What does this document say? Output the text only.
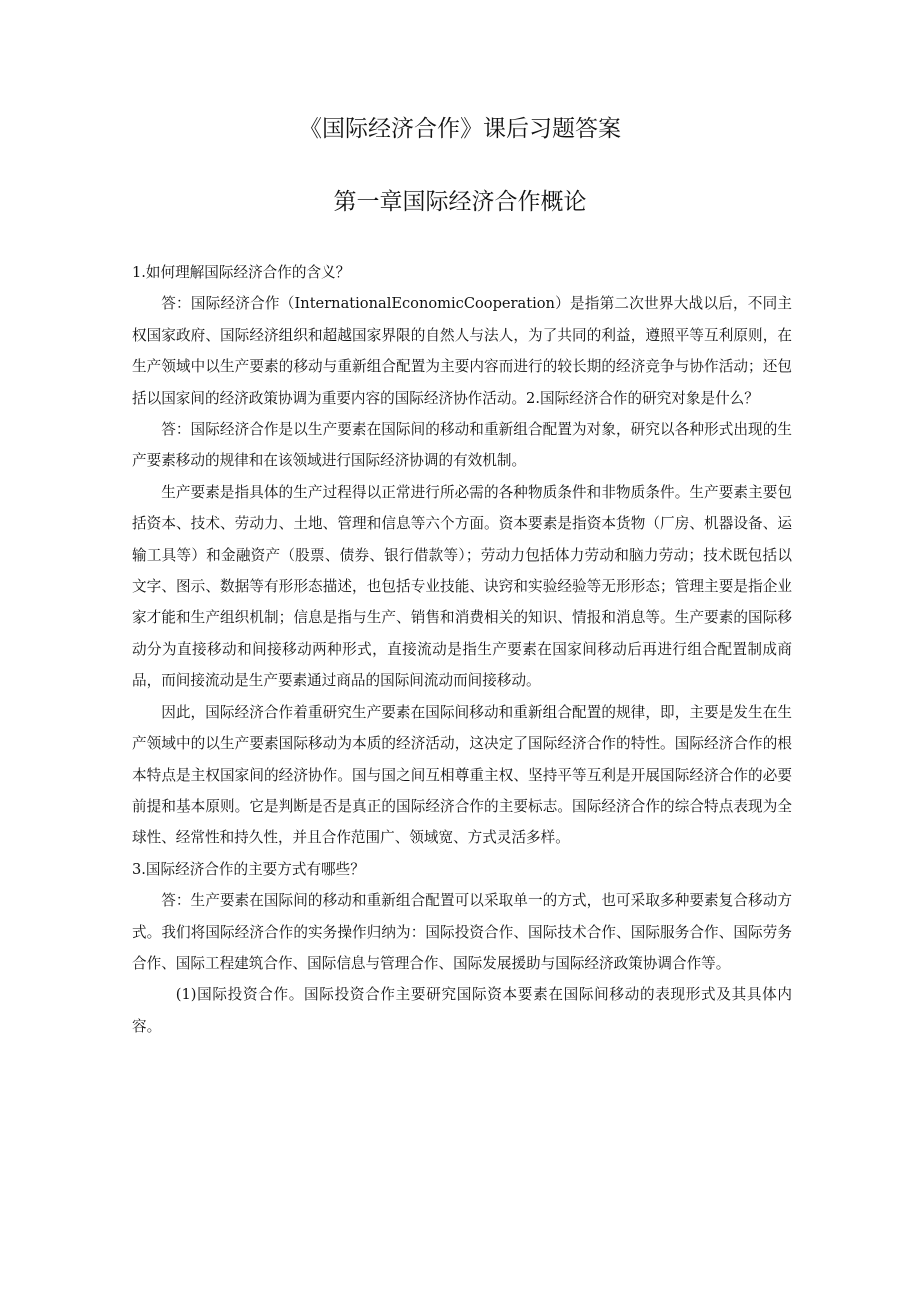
《国际经济合作》课后习题答案
第一章国际经济合作概论

1.如何理解国际经济合作的含义？

答：国际经济合作（InternationalEconomicCooperation）是指第二次世界大战以后，不同主权国家政府、国际经济组织和超越国家界限的自然人与法人，为了共同的利益，遵照平等互利原则，在生产领域中以生产要素的移动与重新组合配置为主要内容而进行的较长期的经济竞争与协作活动；还包括以国家间的经济政策协调为重要内容的国际经济协作活动。2.国际经济合作的研究对象是什么？

答：国际经济合作是以生产要素在国际间的移动和重新组合配置为对象，研究以各种形式出现的生产要素移动的规律和在该领域进行国际经济协调的有效机制。

生产要素是指具体的生产过程得以正常进行所必需的各种物质条件和非物质条件。生产要素主要包括资本、技术、劳动力、土地、管理和信息等六个方面。资本要素是指资本货物（厂房、机器设备、运输工具等）和金融资产（股票、债券、银行借款等）；劳动力包括体力劳动和脑力劳动；技术既包括以文字、图示、数据等有形形态描述，也包括专业技能、诀窍和实验经验等无形形态；管理主要是指企业家才能和生产组织机制；信息是指与生产、销售和消费相关的知识、情报和消息等。生产要素的国际移动分为直接移动和间接移动两种形式，直接流动是指生产要素在国家间移动后再进行组合配置制成商品，而间接流动是生产要素通过商品的国际间流动而间接移动。

因此，国际经济合作着重研究生产要素在国际间移动和重新组合配置的规律，即，主要是发生在生产领域中的以生产要素国际移动为本质的经济活动，这决定了国际经济合作的特性。国际经济合作的根本特点是主权国家间的经济协作。国与国之间互相尊重主权、坚持平等互利是开展国际经济合作的必要前提和基本原则。它是判断是否是真正的国际经济合作的主要标志。国际经济合作的综合特点表现为全球性、经常性和持久性，并且合作范围广、领域宽、方式灵活多样。

3.国际经济合作的主要方式有哪些？

答：生产要素在国际间的移动和重新组合配置可以采取单一的方式，也可采取多种要素复合移动方式。我们将国际经济合作的实务操作归纳为：国际投资合作、国际技术合作、国际服务合作、国际劳务合作、国际工程建筑合作、国际信息与管理合作、国际发展援助与国际经济政策协调合作等。

(1)国际投资合作。国际投资合作主要研究国际资本要素在国际间移动的表现形式及其具体内容。
